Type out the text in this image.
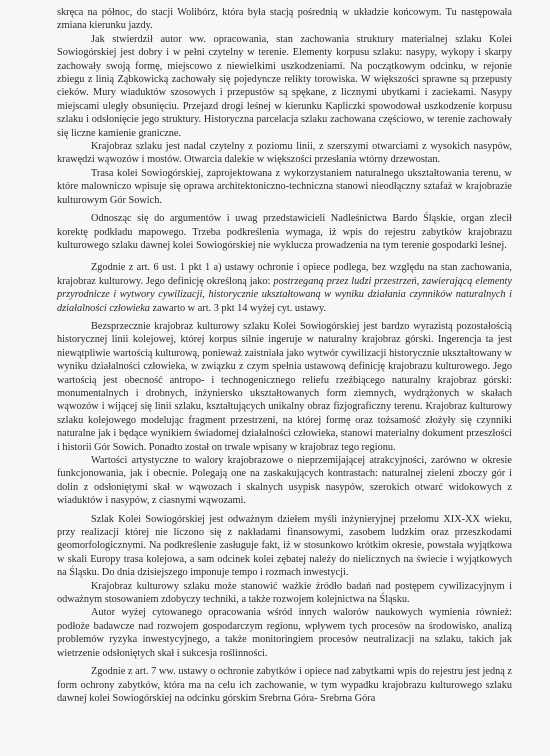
skręca na północ, do stacji Wolibórz, która była stacją pośrednią w układzie końcowym. Tu następowała zmiana kierunku jazdy.

Jak stwierdził autor ww. opracowania, stan zachowania struktury materialnej szlaku Kolei Sowiogórskiej jest dobry i w pełni czytelny w terenie. Elementy korpusu szlaku: nasypy, wykopy i skarpy zachowały swoją formę, miejscowo z niewielkimi uszkodzeniami. Na początkowym odcinku, w rejonie zbiegu z linią Ząbkowicką zachowały się pojedyncze relikty torowiska. W większości sprawne są przepusty cieków. Mury wiaduktów szosowych i przepustów są spękane, z licznymi ubytkami i zaciekami. Nasypy miejscami uległy obsunięciu. Przejazd drogi leśnej w kierunku Kapliczki spowodował uszkodzenie korpusu szlaku i odsłonięcie jego struktury. Historyczna parcelacja szlaku zachowana częściowo, w terenie zachowały się liczne kamienie graniczne.

Krajobraz szlaku jest nadal czytelny z poziomu linii, z szerszymi otwarciami z wysokich nasypów, krawędzi wąwozów i mostów. Otwarcia dalekie w większości przesłania wtórny drzewostan.

Trasa kolei Sowiogórskiej, zaprojektowana z wykorzystaniem naturalnego ukształtowania terenu, w które malowniczo wpisuje się oprawa architektoniczno-techniczna stanowi nieodłączny sztafaż w krajobrazie kulturowym Gór Sowich.

Odnosząc się do argumentów i uwag przedstawicieli Nadleśnictwa Bardo Śląskie, organ zlecił korektę podkładu mapowego. Trzeba podkreślenia wymaga, iż wpis do rejestru zabytków krajobrazu kulturowego szlaku dawnej kolei Sowiogórskiej nie wyklucza prowadzenia na tym terenie gospodarki leśnej.

Zgodnie z art. 6 ust. 1 pkt 1 a) ustawy ochronie i opiece podlega, bez względu na stan zachowania, krajobraz kulturowy. Jego definicję określoną jako: postrzeganą przez ludzi przestrzeń, zawierającą elementy przyrodnicze i wytwory cywilizacji, historycznie ukształtowaną w wyniku działania czynników naturalnych i działalności człowieka zawarto w art. 3 pkt 14 wyżej cyt. ustawy.

Bezsprzecznie krajobraz kulturowy szlaku Kolei Sowiogórskiej jest bardzo wyrazistą pozostałością historycznej linii kolejowej, której korpus silnie ingeruje w naturalny krajobraz górski. Ingerencja ta jest niewątpliwie wartością kulturową, ponieważ zaistniała jako wytwór cywilizacji historycznie ukształtowany w wyniku działalności człowieka, w związku z czym spełnia ustawową definicję krajobrazu kulturowego. Jego wartością jest obecność antropo- i technogenicznego reliefu rzeźbiącego naturalny krajobraz górski: monumentalnych i drobnych, inżyniersko ukształtowanych form ziemnych, wydrążonych w skałach wąwozów i wijącej się linii szlaku, kształtujących unikalny obraz fizjograficzny terenu. Krajobraz kulturowy szlaku kolejowego modelując fragment przestrzeni, na której formę oraz tożsamość złożyły się czynniki naturalne jak i będące wynikiem świadomej działalności człowieka, stanowi materialny dokument przeszłości i historii Gór Sowich. Ponadto został on trwale wpisany w krajobraz tego regionu.

Wartości artystyczne to walory krajobrazowe o nieprzemijającej atrakcyjności, zarówno w okresie funkcjonowania, jak i obecnie. Polegają one na zaskakujących kontrastach: naturalnej zieleni zboczy gór i dolin z odsłoniętymi skał w wąwozach i skalnych usypisk nasypów, szerokich otwarć widokowych z wiaduktów i nasypów, z ciasnymi wąwozami.

Szlak Kolei Sowiogórskiej jest odważnym dziełem myśli inżynieryjnej przełomu XIX-XX wieku, przy realizacji której nie liczono się z nakładami finansowymi, zasobem ludzkim oraz przeszkodami geomorfologicznymi. Na podkreślenie zasługuje fakt, iż w stosunkowo krótkim okresie, powstała wyjątkowa w skali Europy trasa kolejowa, a sam odcinek kolei zębatej należy do nielicznych na świecie i wyjątkowych na Śląsku. Do dnia dzisiejszego imponuje tempo i rozmach inwestycji.

Krajobraz kulturowy szlaku może stanowić ważkie źródło badań nad postępem cywilizacyjnym i odważnym stosowaniem zdobyczy techniki, a także rozwojem kolejnictwa na Śląsku.

Autor wyżej cytowanego opracowania wśród innych walorów naukowych wymienia również: podłoże badawcze nad rozwojem gospodarczym regionu, wpływem tych procesów na środowisko, analizą problemów ryzyka inwestycyjnego, a także monitoringiem procesów neutralizacji na szlaku, takich jak wietrzenie odsłoniętych skał i sukcesja roślinności.

Zgodnie z art. 7 ww. ustawy o ochronie zabytków i opiece nad zabytkami wpis do rejestru jest jedną z form ochrony zabytków, która ma na celu ich zachowanie, w tym wypadku krajobrazu kulturowego szlaku dawnej kolei Sowiogórskiej na odcinku górskim Srebrna Góra- Srebrna Góra
